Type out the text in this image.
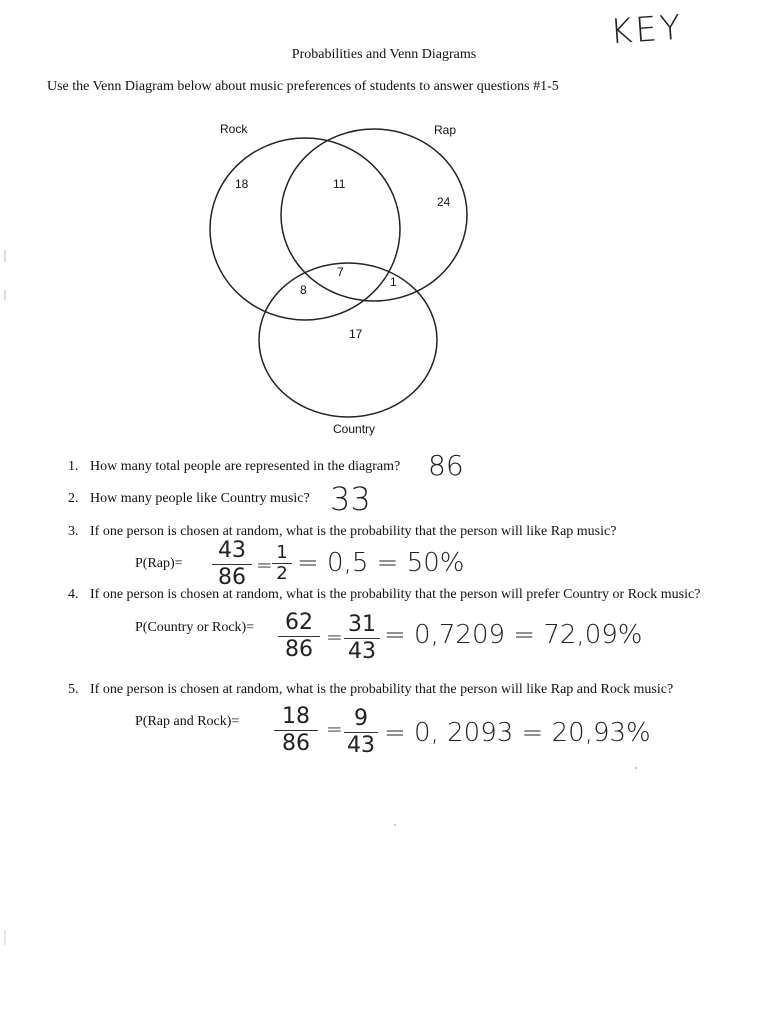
KEY
Probabilities and Venn Diagrams
Use the Venn Diagram below about music preferences of students to answer questions #1-5
Rock	Rap
Country
18	11
24
7
8
1
17
1. How many total people are represented in the diagram? 86
2. How many people like Country music? 33
3. If one person is chosen at random, what is the probability that the person will like Rap music?
P(Rap)=
43
86 =
1
2 = 0,5 = 50%
4. If one person is chosen at random, what is the probability that the person will prefer Country or Rock music?
P(Country or Rock)=	62
86 = 31
43
= 0,7209 = 72,09%
5. If one person is chosen at random, what is the probability that the person will like Rap and Rock music?
P(Rap and Rock)=	18
86
= 9
43 = 0, 2093 = 20,93%
